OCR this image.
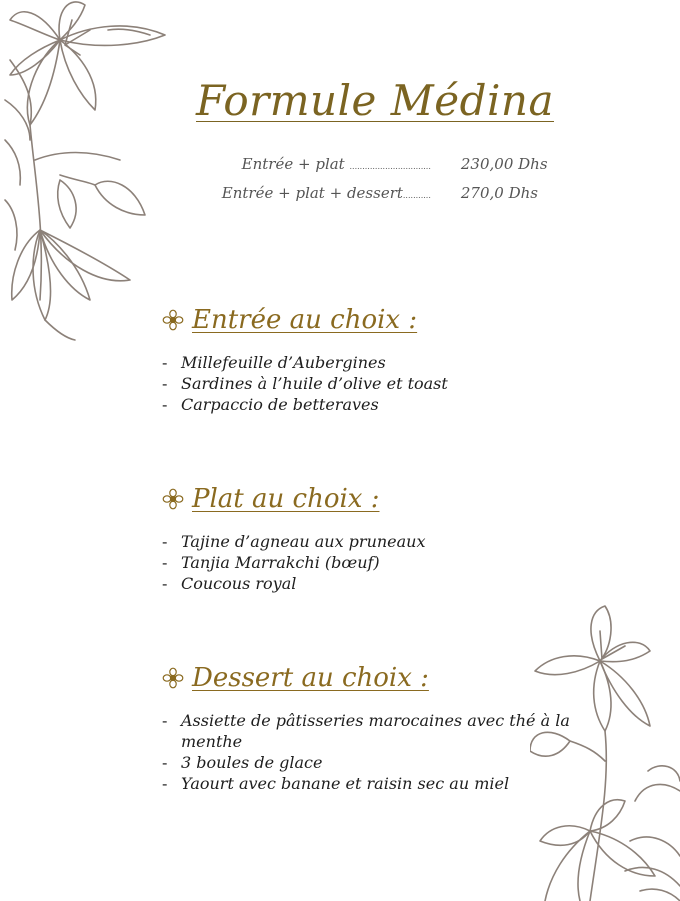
Formule Médina
Entrée + plat ................................	230,00 Dhs
Entrée + plat + dessert...........	270,0 Dhs
Entrée au choix :
- Millefeuille d’Aubergines
- Sardines à l’huile d’olive et toast
- Carpaccio de betteraves
Plat au choix :
- Tajine d’agneau aux pruneaux
- Tanjia Marrakchi (bœuf)
- Coucous royal
Dessert au choix :
- Assiette de pâtisseries marocaines avec thé à la menthe
- 3 boules de glace
- Yaourt avec banane et raisin sec au miel
